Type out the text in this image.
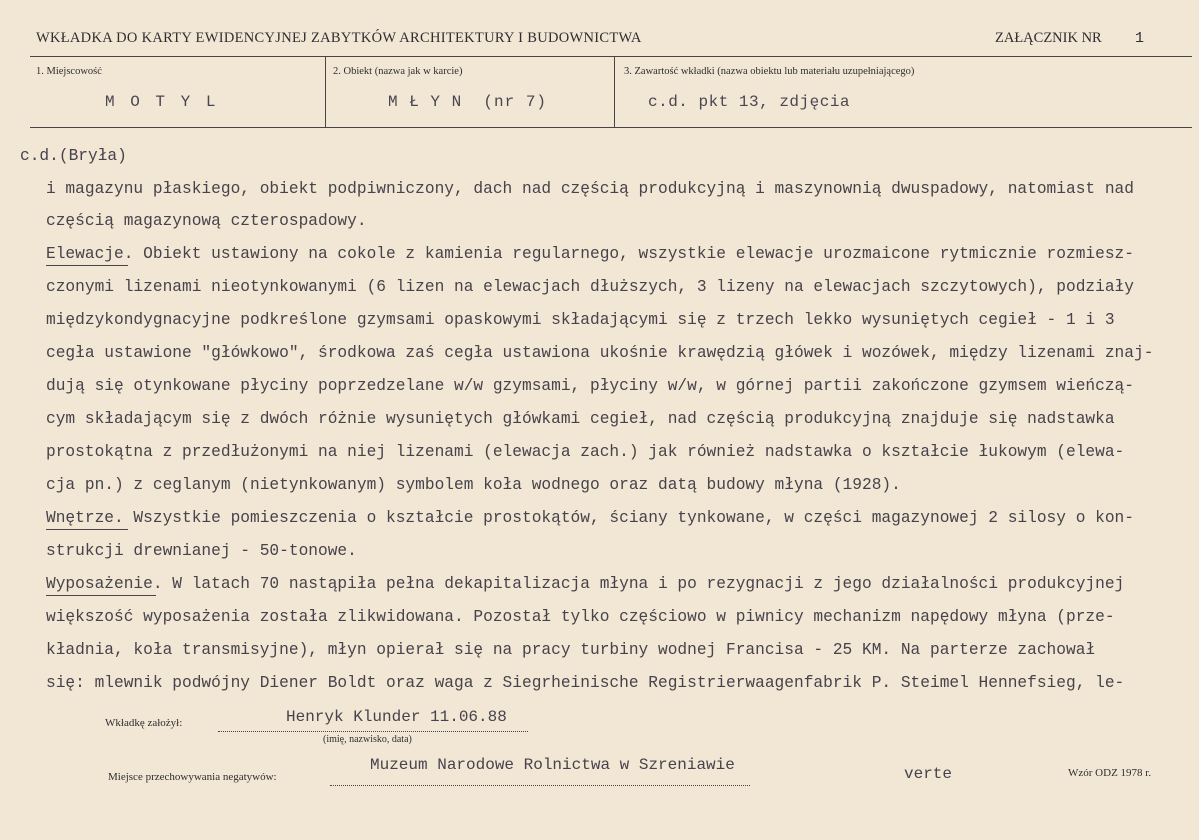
WKŁADKA DO KARTY EWIDENCYJNEJ ZABYTKÓW ARCHITEKTURY I BUDOWNICTWA	ZAŁĄCZNIK NR 1
1. Miejscowość
M O T Y L
2. Obiekt (nazwa jak w karcie)
M Ł Y N  (nr 7)
3. Zawartość wkładki (nazwa obiektu lub materiału uzupełniającego)
c.d. pkt 13, zdjęcia
c.d.(Bryła)
i magazynu płaskiego, obiekt podpiwniczony, dach nad częścią produkcyjną i maszynownią dwuspadowy, natomiast nad
częścią magazynową czterospadowy.
Elewacje. Obiekt ustawiony na cokole z kamienia regularnego, wszystkie elewacje urozmaicone rytmicznie rozmiesz-
czonymi lizenami nieotynkowanymi (6 lizen na elewacjach dłuższych, 3 lizeny na elewacjach szczytowych), podziały
międzykondygnacyjne podkreślone gzymsami opaskowymi składającymi się z trzech lekko wysuniętych cegieł - 1 i 3
cegła ustawione "główkowo", środkowa zaś cegła ustawiona ukośnie krawędzią główek i wozówek, między lizenami znaj-
dują się otynkowane płyciny poprzedzelane w/w gzymsami, płyciny w/w, w górnej partii zakończone gzymsem wieńczą-
cym składającym się z dwóch różnie wysuniętych główkami cegieł, nad częścią produkcyjną znajduje się nadstawka
prostokątna z przedłużonymi na niej lizenami (elewacja zach.) jak również nadstawka o kształcie łukowym (elewa-
cja pn.) z ceglanym (nietynkowanym) symbolem koła wodnego oraz datą budowy młyna (1928).
Wnętrze. Wszystkie pomieszczenia o kształcie prostokątów, ściany tynkowane, w części magazynowej 2 silosy o kon-
strukcji drewnianej - 50-tonowe.
Wyposażenie. W latach 70 nastąpiła pełna dekapitalizacja młyna i po rezygnacji z jego działalności produkcyjnej
większość wyposażenia została zlikwidowana. Pozostał tylko częściowo w piwnicy mechanizm napędowy młyna (prze-
kładnia, koła transmisyjne), młyn opierał się na pracy turbiny wodnej Francisa - 25 KM. Na parterze zachował
się: mlewnik podwójny Diener Boldt oraz waga z Siegrheinische Registrierwaagenfabrik P. Steimel Hennefsieg, le-
Wkładkę założył:	Henryk Klunder 11.06.88
(imię, nazwisko, data)
Miejsce przechowywania negatywów:
Muzeum Narodowe Rolnictwa w Szreniawie	verte	Wzór ODZ 1978 r.
